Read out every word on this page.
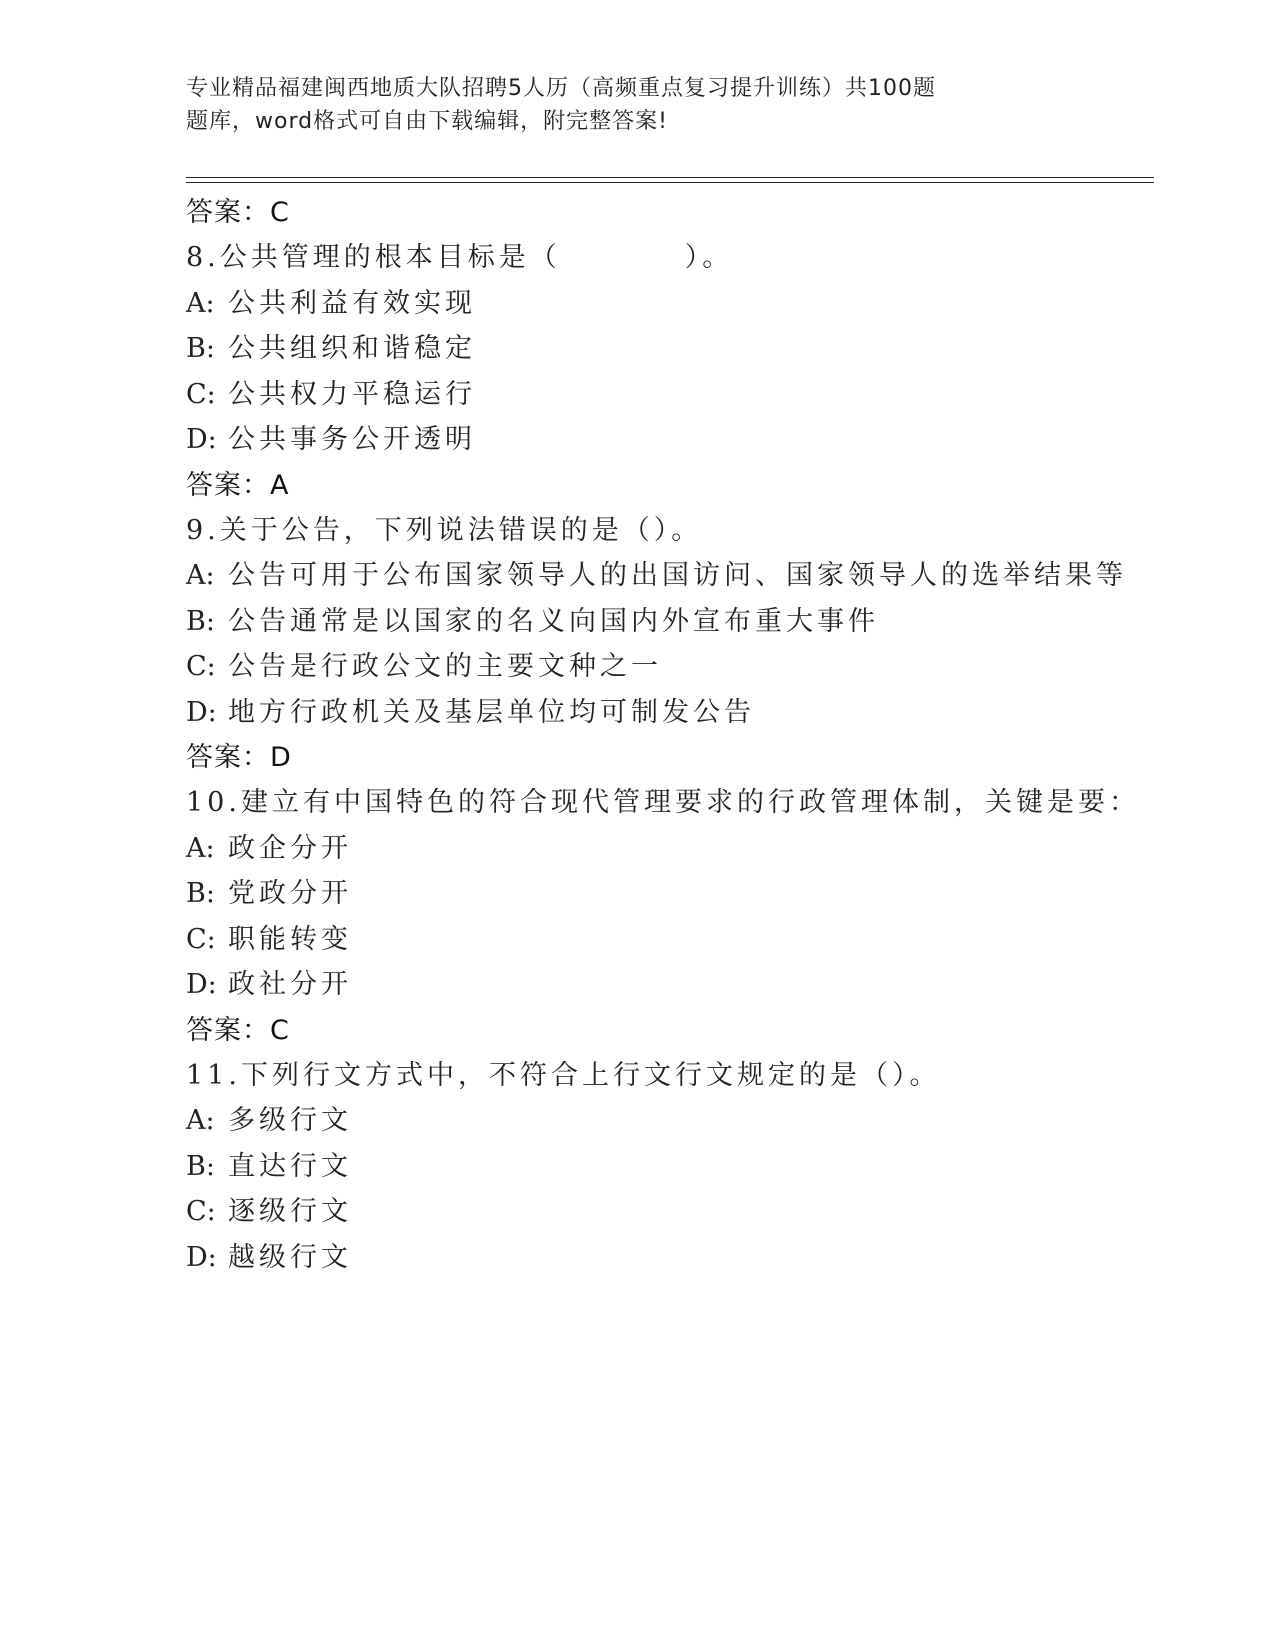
专业精品福建闽西地质大队招聘5人历（高频重点复习提升训练）共100题
题库，word格式可自由下载编辑，附完整答案!
答案：C
8.公共管理的根本目标是（　　　　）。
A: 公共利益有效实现
B: 公共组织和谐稳定
C: 公共权力平稳运行
D: 公共事务公开透明
答案：A
9.关于公告，下列说法错误的是（）。
A: 公告可用于公布国家领导人的出国访问、国家领导人的选举结果等
B: 公告通常是以国家的名义向国内外宣布重大事件
C: 公告是行政公文的主要文种之一
D: 地方行政机关及基层单位均可制发公告
答案：D
10.建立有中国特色的符合现代管理要求的行政管理体制，关键是要：
A: 政企分开
B: 党政分开
C: 职能转变
D: 政社分开
答案：C
11.下列行文方式中，不符合上行文行文规定的是（）。
A: 多级行文
B: 直达行文
C: 逐级行文
D: 越级行文
